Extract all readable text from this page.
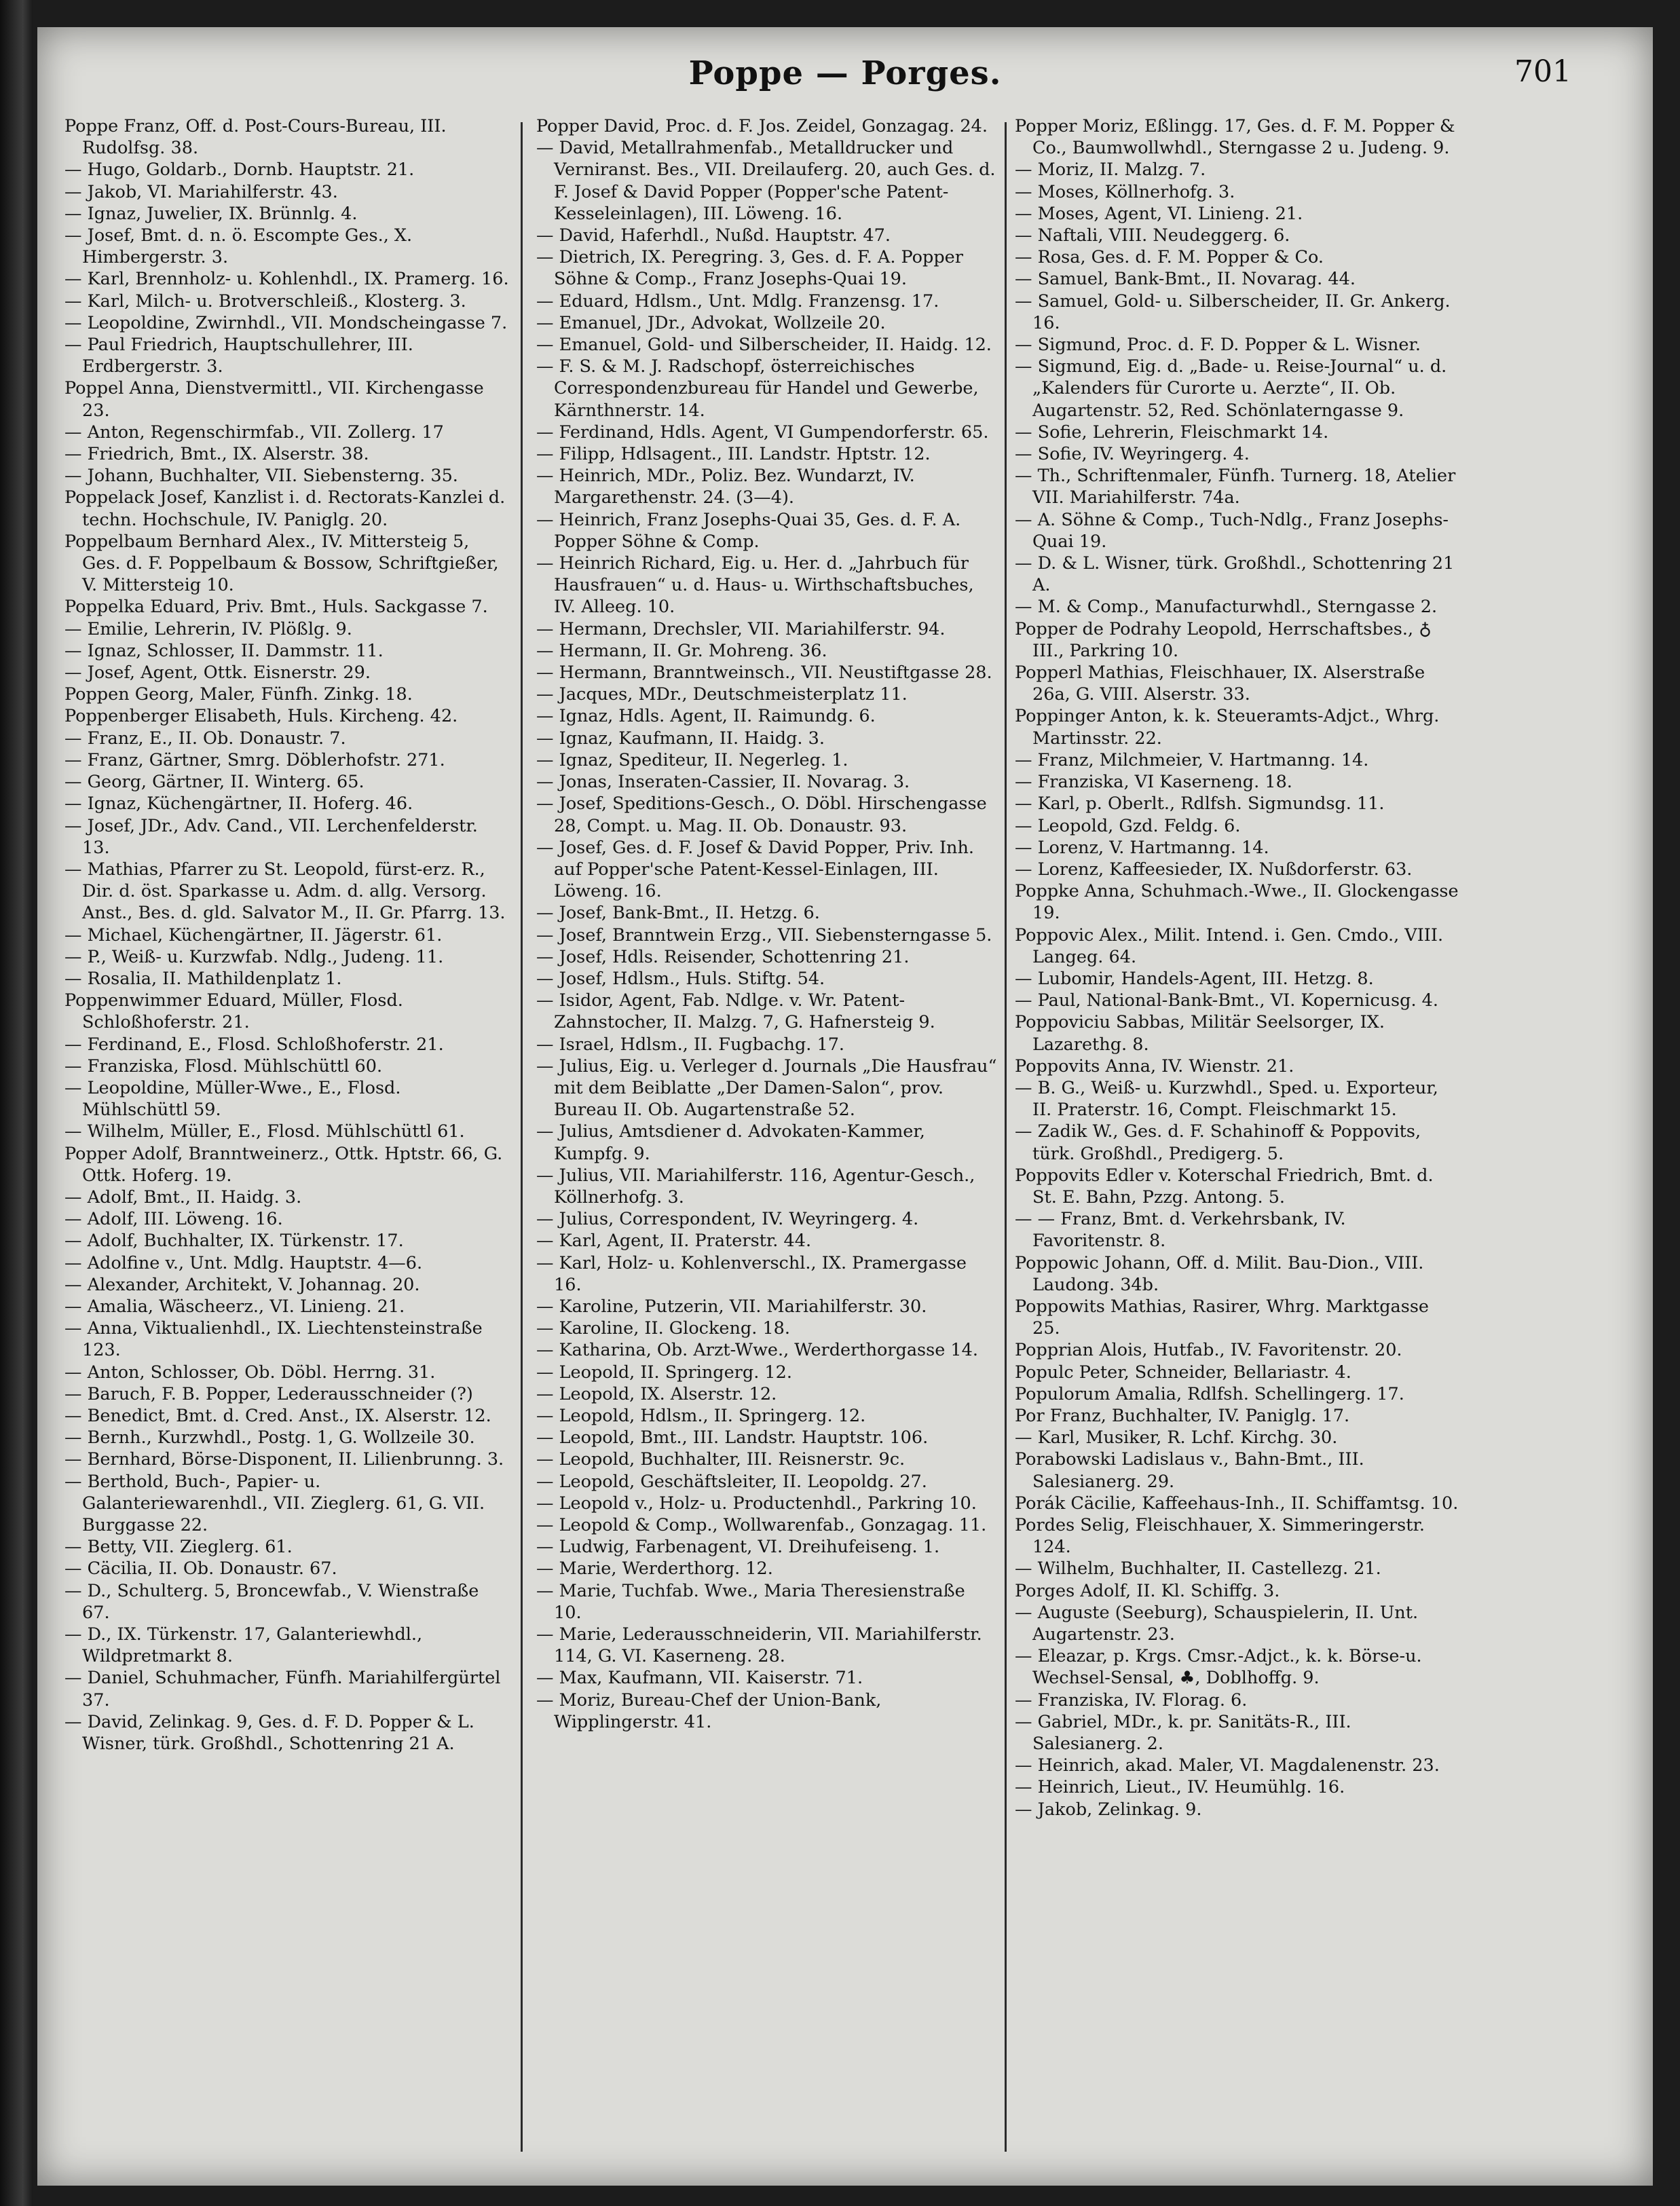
Poppe — Porges.	701
Poppe Franz, Off. d. Post-Cours-Bureau, III. Rudolfsg. 38.
— Hugo, Goldarb., Dornb. Hauptstr. 21.
— Jakob, VI. Mariahilferstr. 43.
— Ignaz, Juwelier, IX. Brünnlg. 4.
— Josef, Bmt. d. n. ö. Escompte Ges., X. Himbergerstr. 3.
— Karl, Brennholz- u. Kohlenhdl., IX. Pramerg. 16.
— Karl, Milch- u. Brotverschleiß., Klosterg. 3.
— Leopoldine, Zwirnhdl., VII. Mondscheingasse 7.
— Paul Friedrich, Hauptschullehrer, III. Erdbergerstr. 3.
Poppel Anna, Dienstvermittl., VII. Kirchengasse 23.
— Anton, Regenschirmfab., VII. Zollerg. 17
— Friedrich, Bmt., IX. Alserstr. 38.
— Johann, Buchhalter, VII. Siebensterng. 35.
Poppelack Josef, Kanzlist i. d. Rectorats-Kanzlei d. techn. Hochschule, IV. Paniglg. 20.
Poppelbaum Bernhard Alex., IV. Mittersteig 5, Ges. d. F. Poppelbaum & Bossow, Schriftgießer, V. Mittersteig 10.
Poppelka Eduard, Priv. Bmt., Huls. Sackgasse 7.
— Emilie, Lehrerin, IV. Plößlg. 9.
— Ignaz, Schlosser, II. Dammstr. 11.
— Josef, Agent, Ottk. Eisnerstr. 29.
Poppen Georg, Maler, Fünfh. Zinkg. 18.
Poppenberger Elisabeth, Huls. Kircheng. 42.
— Franz, E., II. Ob. Donaustr. 7.
— Franz, Gärtner, Smrg. Döblerhofstr. 271.
— Georg, Gärtner, II. Winterg. 65.
— Ignaz, Küchengärtner, II. Hoferg. 46.
— Josef, JDr., Adv. Cand., VII. Lerchenfelderstr. 13.
— Mathias, Pfarrer zu St. Leopold, fürst-erz. R., Dir. d. öst. Sparkasse u. Adm. d. allg. Versorg. Anst., Bes. d. gld. Salvator M., II. Gr. Pfarrg. 13.
— Michael, Küchengärtner, II. Jägerstr. 61.
— P., Weiß- u. Kurzwfab. Ndlg., Judeng. 11.
— Rosalia, II. Mathildenplatz 1.
Poppenwimmer Eduard, Müller, Flosd. Schloßhoferstr. 21.
— Ferdinand, E., Flosd. Schloßhoferstr. 21.
— Franziska, Flosd. Mühlschüttl 60.
— Leopoldine, Müller-Wwe., E., Flosd. Mühlschüttl 59.
— Wilhelm, Müller, E., Flosd. Mühlschüttl 61.
Popper Adolf, Branntweinerz., Ottk. Hptstr. 66, G. Ottk. Hoferg. 19.
— Adolf, Bmt., II. Haidg. 3.
— Adolf, III. Löweng. 16.
— Adolf, Buchhalter, IX. Türkenstr. 17.
— Adolfine v., Unt. Mdlg. Hauptstr. 4—6.
— Alexander, Architekt, V. Johannag. 20.
— Amalia, Wäscheerz., VI. Linieng. 21.
— Anna, Viktualienhdl., IX. Liechtensteinstraße 123.
— Anton, Schlosser, Ob. Döbl. Herrng. 31.
— Baruch, F. B. Popper, Lederausschneider (?)
— Benedict, Bmt. d. Cred. Anst., IX. Alserstr. 12.
— Bernh., Kurzwhdl., Postg. 1, G. Wollzeile 30.
— Bernhard, Börse-Disponent, II. Lilienbrunng. 3.
— Berthold, Buch-, Papier- u. Galanteriewarenhdl., VII. Zieglerg. 61, G. VII. Burggasse 22.
— Betty, VII. Zieglerg. 61.
— Cäcilia, II. Ob. Donaustr. 67.
— D., Schulterg. 5, Broncewfab., V. Wienstraße 67.
— D., IX. Türkenstr. 17, Galanteriewhdl., Wildpretmarkt 8.
— Daniel, Schuhmacher, Fünfh. Mariahilfergürtel 37.
— David, Zelinkag. 9, Ges. d. F. D. Popper & L. Wisner, türk. Großhdl., Schottenring 21 A.
Popper David, Proc. d. F. Jos. Zeidel, Gonzagag. 24.
— David, Metallrahmenfab., Metalldrucker und Verniranst. Bes., VII. Dreilauferg. 20, auch Ges. d. F. Josef & David Popper (Popper'sche Patent-Kesseleinlagen), III. Löweng. 16.
— David, Haferhdl., Nußd. Hauptstr. 47.
— Dietrich, IX. Peregring. 3, Ges. d. F. A. Popper Söhne & Comp., Franz Josephs-Quai 19.
— Eduard, Hdlsm., Unt. Mdlg. Franzensg. 17.
— Emanuel, JDr., Advokat, Wollzeile 20.
— Emanuel, Gold- und Silberscheider, II. Haidg. 12.
— F. S. & M. J. Radschopf, österreichisches Correspondenzbureau für Handel und Gewerbe, Kärnthnerstr. 14.
— Ferdinand, Hdls. Agent, VI Gumpendorferstr. 65.
— Filipp, Hdlsagent., III. Landstr. Hptstr. 12.
— Heinrich, MDr., Poliz. Bez. Wundarzt, IV. Margarethenstr. 24. (3—4).
— Heinrich, Franz Josephs-Quai 35, Ges. d. F. A. Popper Söhne & Comp.
— Heinrich Richard, Eig. u. Her. d. „Jahrbuch für Hausfrauen“ u. d. Haus- u. Wirthschaftsbuches, IV. Alleeg. 10.
— Hermann, Drechsler, VII. Mariahilferstr. 94.
— Hermann, II. Gr. Mohreng. 36.
— Hermann, Branntweinsch., VII. Neustiftgasse 28.
— Jacques, MDr., Deutschmeisterplatz 11.
— Ignaz, Hdls. Agent, II. Raimundg. 6.
— Ignaz, Kaufmann, II. Haidg. 3.
— Ignaz, Spediteur, II. Negerleg. 1.
— Jonas, Inseraten-Cassier, II. Novarag. 3.
— Josef, Speditions-Gesch., O. Döbl. Hirschengasse 28, Compt. u. Mag. II. Ob. Donaustr. 93.
— Josef, Ges. d. F. Josef & David Popper, Priv. Inh. auf Popper'sche Patent-Kessel-Einlagen, III. Löweng. 16.
— Josef, Bank-Bmt., II. Hetzg. 6.
— Josef, Branntwein Erzg., VII. Siebensterngasse 5.
— Josef, Hdls. Reisender, Schottenring 21.
— Josef, Hdlsm., Huls. Stiftg. 54.
— Isidor, Agent, Fab. Ndlge. v. Wr. Patent-Zahnstocher, II. Malzg. 7, G. Hafnersteig 9.
— Israel, Hdlsm., II. Fugbachg. 17.
— Julius, Eig. u. Verleger d. Journals „Die Hausfrau“ mit dem Beiblatte „Der Damen-Salon“, prov. Bureau II. Ob. Augartenstraße 52.
— Julius, Amtsdiener d. Advokaten-Kammer, Kumpfg. 9.
— Julius, VII. Mariahilferstr. 116, Agentur-Gesch., Köllnerhofg. 3.
— Julius, Correspondent, IV. Weyringerg. 4.
— Karl, Agent, II. Praterstr. 44.
— Karl, Holz- u. Kohlenverschl., IX. Pramergasse 16.
— Karoline, Putzerin, VII. Mariahilferstr. 30.
— Karoline, II. Glockeng. 18.
— Katharina, Ob. Arzt-Wwe., Werderthorgasse 14.
— Leopold, II. Springerg. 12.
— Leopold, IX. Alserstr. 12.
— Leopold, Hdlsm., II. Springerg. 12.
— Leopold, Bmt., III. Landstr. Hauptstr. 106.
— Leopold, Buchhalter, III. Reisnerstr. 9c.
— Leopold, Geschäftsleiter, II. Leopoldg. 27.
— Leopold v., Holz- u. Productenhdl., Parkring 10.
— Leopold & Comp., Wollwarenfab., Gonzagag. 11.
— Ludwig, Farbenagent, VI. Dreihufeiseng. 1.
— Marie, Werderthorg. 12.
— Marie, Tuchfab. Wwe., Maria Theresienstraße 10.
— Marie, Lederausschneiderin, VII. Mariahilferstr. 114, G. VI. Kaserneng. 28.
— Max, Kaufmann, VII. Kaiserstr. 71.
— Moriz, Bureau-Chef der Union-Bank, Wipplingerstr. 41.
Popper Moriz, Eßlingg. 17, Ges. d. F. M. Popper & Co., Baumwollwhdl., Sterngasse 2 u. Judeng. 9.
— Moriz, II. Malzg. 7.
— Moses, Köllnerhofg. 3.
— Moses, Agent, VI. Linieng. 21.
— Naftali, VIII. Neudeggerg. 6.
— Rosa, Ges. d. F. M. Popper & Co.
— Samuel, Bank-Bmt., II. Novarag. 44.
— Samuel, Gold- u. Silberscheider, II. Gr. Ankerg. 16.
— Sigmund, Proc. d. F. D. Popper & L. Wisner.
— Sigmund, Eig. d. „Bade- u. Reise-Journal“ u. d. „Kalenders für Curorte u. Aerzte“, II. Ob. Augartenstr. 52, Red. Schönlaterngasse 9.
— Sofie, Lehrerin, Fleischmarkt 14.
— Sofie, IV. Weyringerg. 4.
— Th., Schriftenmaler, Fünfh. Turnerg. 18, Atelier VII. Mariahilferstr. 74a.
— A. Söhne & Comp., Tuch-Ndlg., Franz Josephs-Quai 19.
— D. & L. Wisner, türk. Großhdl., Schottenring 21 A.
— M. & Comp., Manufacturwhdl., Sterngasse 2.
Popper de Podrahy Leopold, Herrschaftsbes., ♁ III., Parkring 10.
Popperl Mathias, Fleischhauer, IX. Alserstraße 26a, G. VIII. Alserstr. 33.
Poppinger Anton, k. k. Steueramts-Adjct., Whrg. Martinsstr. 22.
— Franz, Milchmeier, V. Hartmanng. 14.
— Franziska, VI Kaserneng. 18.
— Karl, p. Oberlt., Rdlfsh. Sigmundsg. 11.
— Leopold, Gzd. Feldg. 6.
— Lorenz, V. Hartmanng. 14.
— Lorenz, Kaffeesieder, IX. Nußdorferstr. 63.
Poppke Anna, Schuhmach.-Wwe., II. Glockengasse 19.
Poppovic Alex., Milit. Intend. i. Gen. Cmdo., VIII. Langeg. 64.
— Lubomir, Handels-Agent, III. Hetzg. 8.
— Paul, National-Bank-Bmt., VI. Koperniсusg. 4.
Poppoviciu Sabbas, Militär Seelsorger, IX. Lazarethg. 8.
Poppovits Anna, IV. Wienstr. 21.
— B. G., Weiß- u. Kurzwhdl., Sped. u. Exporteur, II. Praterstr. 16, Compt. Fleischmarkt 15.
— Zadik W., Ges. d. F. Schahinoff & Poppovits, türk. Großhdl., Predigerg. 5.
Poppovits Edler v. Koterschal Friedrich, Bmt. d. St. E. Bahn, Pzzg. Antong. 5.
— — Franz, Bmt. d. Verkehrsbank, IV. Favoritenstr. 8.
Poppowic Johann, Off. d. Milit. Bau-Dion., VIII. Laudong. 34b.
Poppowits Mathias, Rasirer, Whrg. Marktgasse 25.
Popprian Alois, Hutfab., IV. Favoritenstr. 20.
Populc Peter, Schneider, Bellariastr. 4.
Populorum Amalia, Rdlfsh. Schellingerg. 17.
Por Franz, Buchhalter, IV. Paniglg. 17.
— Karl, Musiker, R. Lchf. Kirchg. 30.
Porabowski Ladislaus v., Bahn-Bmt., III. Salesianerg. 29.
Porák Cäcilie, Kaffeehaus-Inh., II. Schiffamtsg. 10.
Pordes Selig, Fleischhauer, X. Simmeringerstr. 124.
— Wilhelm, Buchhalter, II. Castellezg. 21.
Porges Adolf, II. Kl. Schiffg. 3.
— Auguste (Seeburg), Schauspielerin, II. Unt. Augartenstr. 23.
— Eleazar, p. Krgs. Cmsr.-Adjct., k. k. Börse-u. Wechsel-Sensal, ♣, Doblhoffg. 9.
— Franziska, IV. Florag. 6.
— Gabriel, MDr., k. pr. Sanitäts-R., III. Salesianerg. 2.
— Heinrich, akad. Maler, VI. Magdalenenstr. 23.
— Heinrich, Lieut., IV. Heumühlg. 16.
— Jakob, Zelinkag. 9.
